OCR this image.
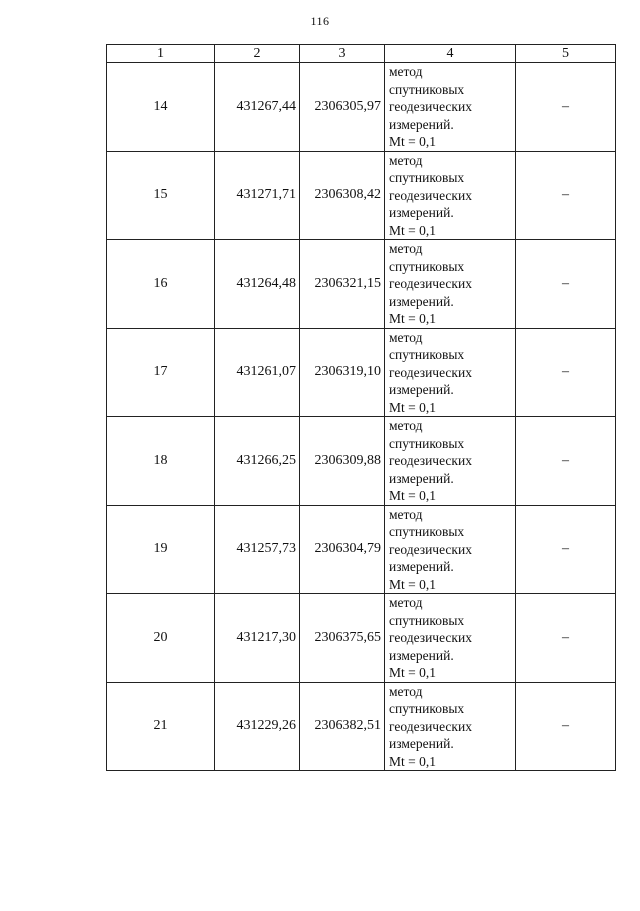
116
1	2	3	4	5
14	431267,44	2306305,97	метод
спутниковых
геодезических
измерений.
Mt = 0,1	–
15	431271,71	2306308,42	метод
спутниковых
геодезических
измерений.
Mt = 0,1	–
16	431264,48	2306321,15	метод
спутниковых
геодезических
измерений.
Mt = 0,1	–
17	431261,07	2306319,10	метод
спутниковых
геодезических
измерений.
Mt = 0,1	–
18	431266,25	2306309,88	метод
спутниковых
геодезических
измерений.
Mt = 0,1	–
19	431257,73	2306304,79	метод
спутниковых
геодезических
измерений.
Mt = 0,1	–
20	431217,30	2306375,65	метод
спутниковых
геодезических
измерений.
Mt = 0,1	–
21	431229,26	2306382,51	метод
спутниковых
геодезических
измерений.
Mt = 0,1	–
